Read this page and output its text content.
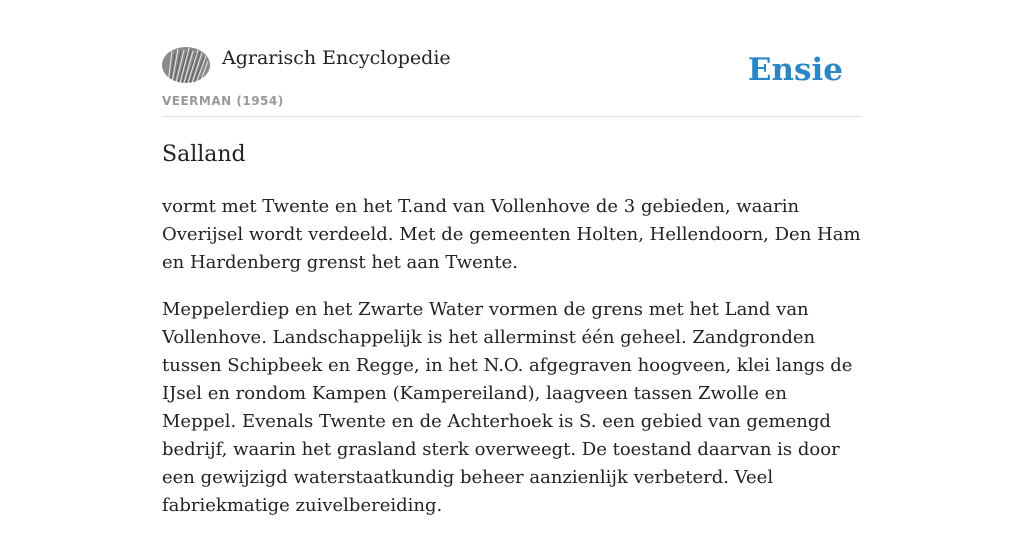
Agrarisch Encyclopedie
VEERMAN (1954)
Ensie
Salland

vormt met Twente en het T.and van Vollenhove de 3 gebieden, waarin Overijsel wordt verdeeld. Met de gemeenten Holten, Hellendoorn, Den Ham en Hardenberg grenst het aan Twente.

Meppelerdiep en het Zwarte Water vormen de grens met het Land van Vollenhove. Landschappelijk is het allerminst één geheel. Zandgronden tussen Schipbeek en Regge, in het N.O. afgegraven hoogveen, klei langs de IJsel en rondom Kampen (Kampereiland), laagveen tassen Zwolle en Meppel. Evenals Twente en de Achterhoek is S. een gebied van gemengd bedrijf, waarin het grasland sterk overweegt. De toestand daarvan is door een gewijzigd waterstaatkundig beheer aanzienlijk verbeterd. Veel fabriekmatige zuivelbereiding.
